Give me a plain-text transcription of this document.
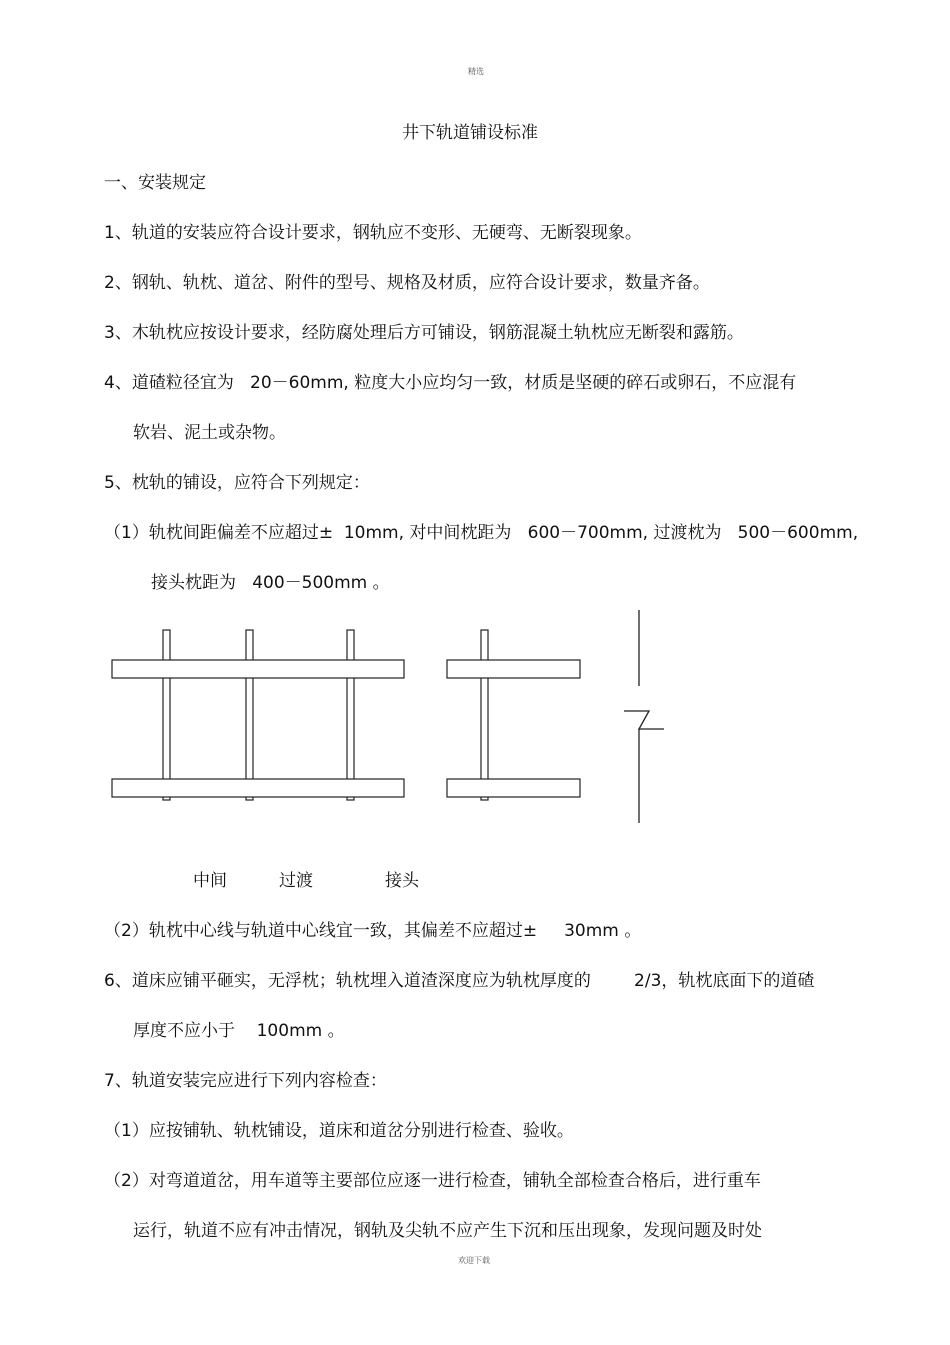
精选
井下轨道铺设标准
一、安装规定
1、轨道的安装应符合设计要求，钢轨应不变形、无硬弯、无断裂现象。
2、钢轨、轨枕、道岔、附件的型号、规格及材质，应符合设计要求，数量齐备。
3、木轨枕应按设计要求，经防腐处理后方可铺设，钢筋混凝土轨枕应无断裂和露筋。
4、道碴粒径宜为   20－60mm, 粒度大小应均匀一致，材质是坚硬的碎石或卵石，不应混有
软岩、泥土或杂物。
5、枕轨的铺设，应符合下列规定：
（1）轨枕间距偏差不应超过±  10mm, 对中间枕距为   600－700mm, 过渡枕为   500－600mm,
接头枕距为   400－500mm 。
中间	过渡	接头
（2）轨枕中心线与轨道中心线宜一致，其偏差不应超过±     30mm 。
6、道床应铺平砸实，无浮枕；轨枕埋入道渣深度应为轨枕厚度的        2/3，轨枕底面下的道碴
厚度不应小于    100mm 。
7、轨道安装完应进行下列内容检查：
（1）应按铺轨、轨枕铺设，道床和道岔分别进行检查、验收。
（2）对弯道道岔，用车道等主要部位应逐一进行检查，铺轨全部检查合格后，进行重车
运行，轨道不应有冲击情况，钢轨及尖轨不应产生下沉和压出现象，发现问题及时处
欢迎下载
